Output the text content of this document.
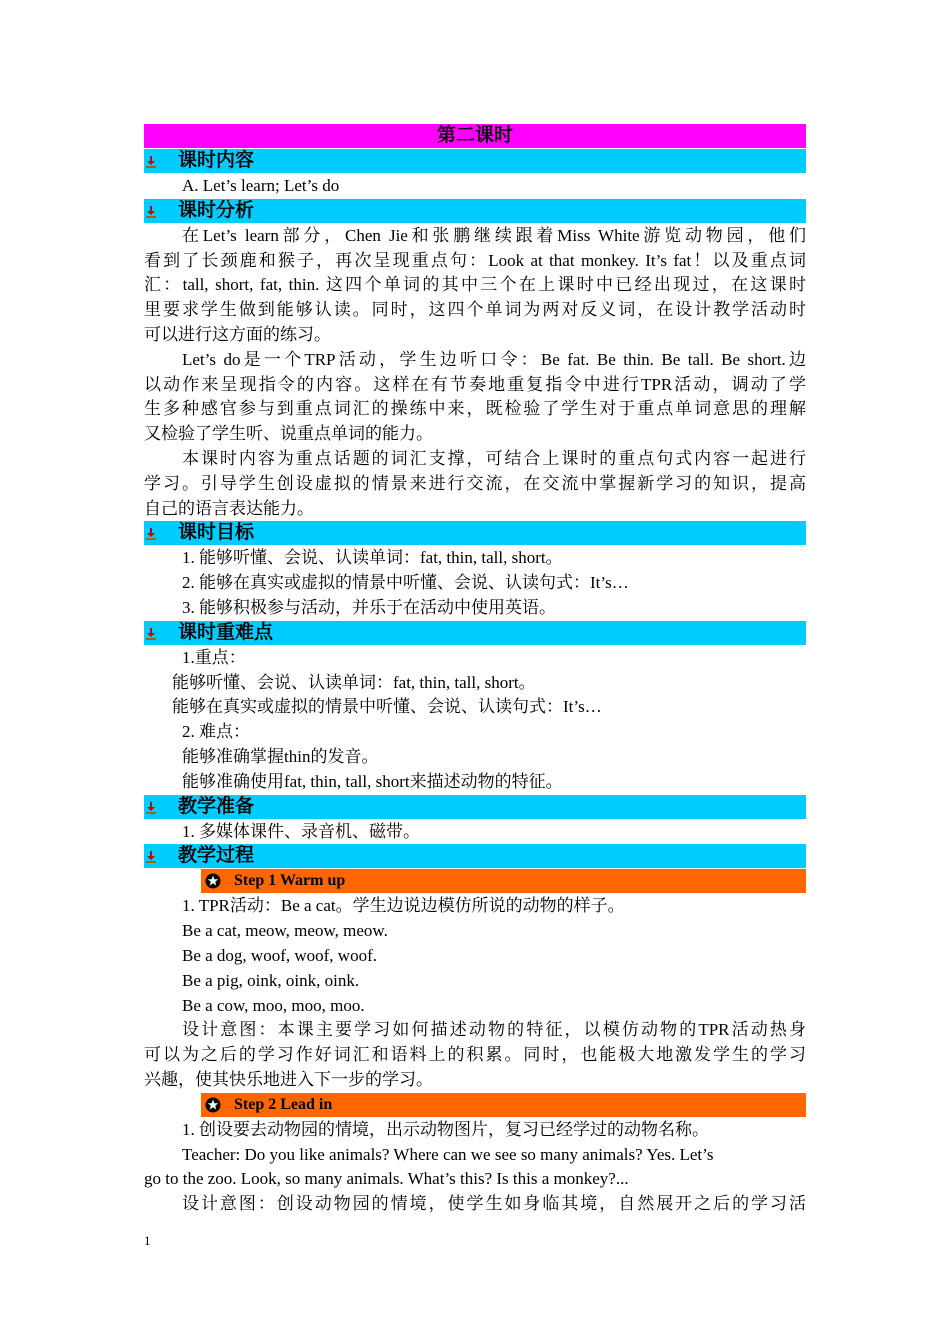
第二课时
课时内容
A. Let’s learn; Let’s do
课时分析
在Let’s learn部分，Chen Jie和张鹏继续跟着Miss White游览动物园，他们
看到了长颈鹿和猴子，再次呈现重点句：Look at that monkey. It’s fat！以及重点词
汇：tall, short, fat, thin. 这四个单词的其中三个在上课时中已经出现过，在这课时
里要求学生做到能够认读。同时，这四个单词为两对反义词，在设计教学活动时
可以进行这方面的练习。
Let’s do是一个TRP活动，学生边听口令：Be fat. Be thin. Be tall. Be short.边
以动作来呈现指令的内容。这样在有节奏地重复指令中进行TPR活动，调动了学
生多种感官参与到重点词汇的操练中来，既检验了学生对于重点单词意思的理解
又检验了学生听、说重点单词的能力。
本课时内容为重点话题的词汇支撑，可结合上课时的重点句式内容一起进行
学习。引导学生创设虚拟的情景来进行交流，在交流中掌握新学习的知识，提高
自己的语言表达能力。
课时目标
1. 能够听懂、会说、认读单词：fat, thin, tall, short。
2. 能够在真实或虚拟的情景中听懂、会说、认读句式：It’s…
3. 能够积极参与活动，并乐于在活动中使用英语。
课时重难点
1.重点：
能够听懂、会说、认读单词：fat, thin, tall, short。
能够在真实或虚拟的情景中听懂、会说、认读句式：It’s…
2. 难点：
能够准确掌握thin的发音。
能够准确使用fat, thin, tall, short来描述动物的特征。
教学准备
1. 多媒体课件、录音机、磁带。
教学过程
Step 1 Warm up
1. TPR活动：Be a cat。学生边说边模仿所说的动物的样子。
Be a cat, meow, meow, meow.
Be a dog, woof, woof, woof.
Be a pig, oink, oink, oink.
Be a cow, moo, moo, moo.
设计意图：本课主要学习如何描述动物的特征，以模仿动物的TPR活动热身
可以为之后的学习作好词汇和语料上的积累。同时，也能极大地激发学生的学习
兴趣，使其快乐地进入下一步的学习。
Step 2 Lead in
1. 创设要去动物园的情境，出示动物图片，复习已经学过的动物名称。
Teacher: Do you like animals? Where can we see so many animals? Yes. Let’s
go to the zoo. Look, so many animals. What’s this? Is this a monkey?...
设计意图：创设动物园的情境，使学生如身临其境，自然展开之后的学习活
1
